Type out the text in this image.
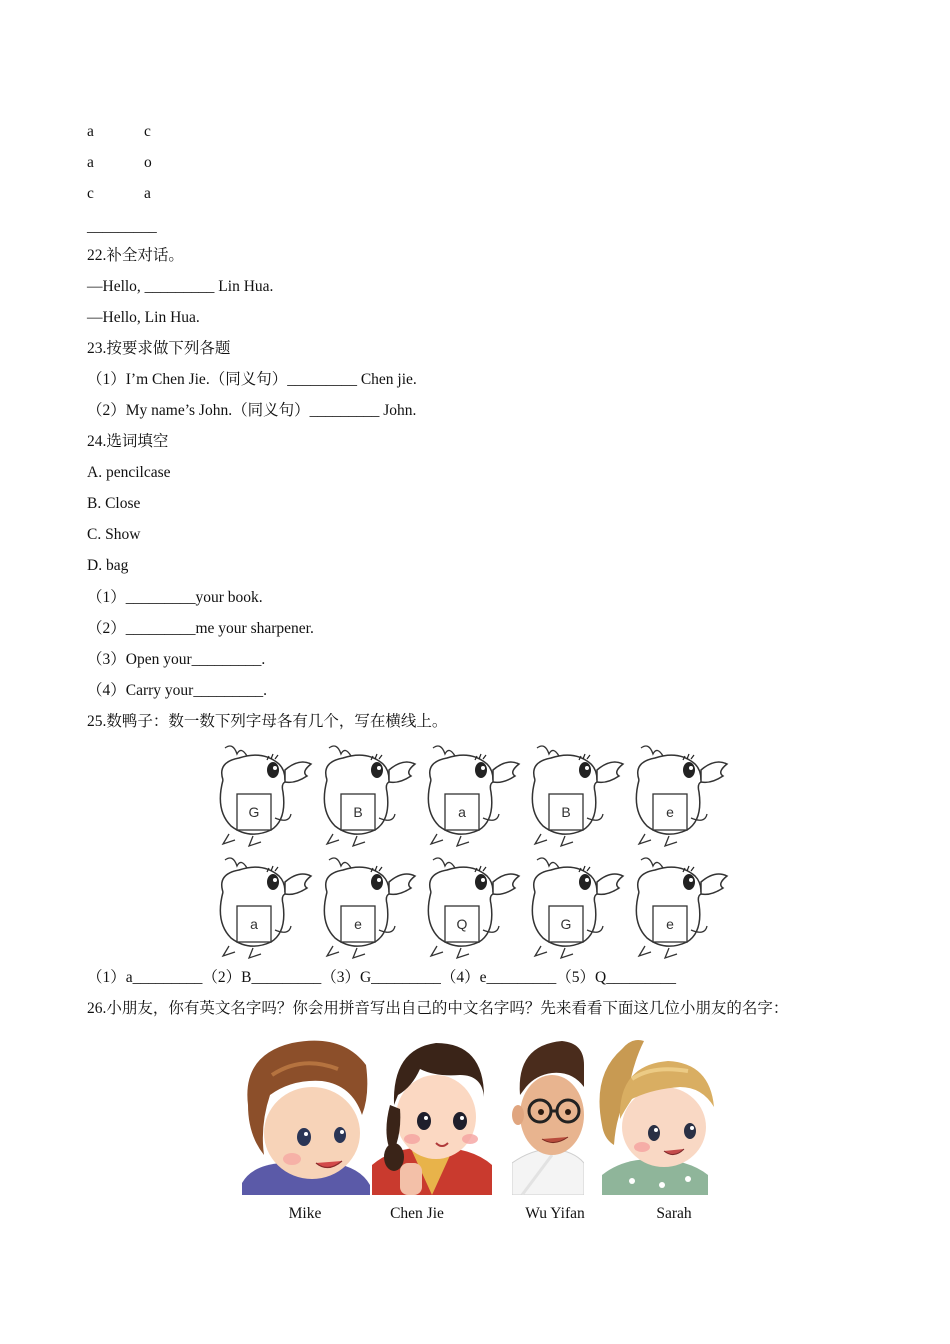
a	c
a	o
c	a
_________
22.补全对话。
—Hello, _________ Lin Hua.
—Hello, Lin Hua.
23.按要求做下列各题
（1）I’m Chen Jie.（同义句）_________ Chen jie.
（2）My name’s John.（同义句）_________ John.
24.选词填空
A. pencilcase
B. Close
C. Show
D. bag
（1）_________your book.
（2）_________me your sharpener.
（3）Open your_________.
（4）Carry your_________.
25.数鸭子：数一数下列字母各有几个，写在横线上。
G	B	a	B	e
a	e	Q	G	e
（1）a_________（2）B_________（3）G_________（4）e_________（5）Q_________
26.小朋友，你有英文名字吗？你会用拼音写出自己的中文名字吗？先来看看下面这几位小朋友的名字：
Mike	Chen Jie	Wu Yifan	Sarah
